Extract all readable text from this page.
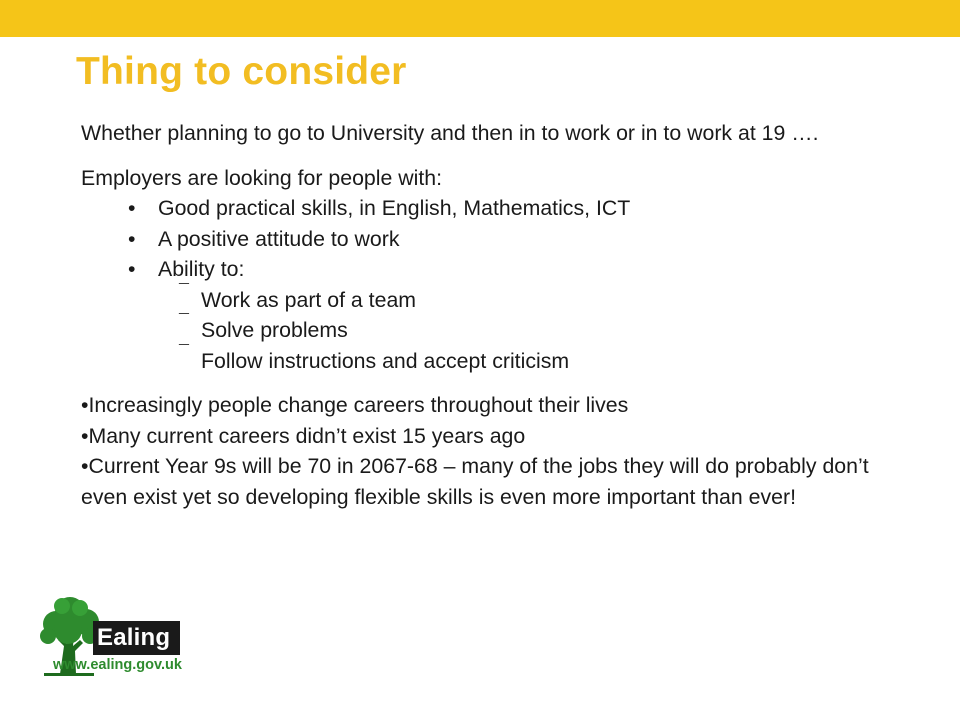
Thing to consider

Whether planning to go to University and then in to work or in to work at 19 ….

Employers are looking for people with:

• Good practical skills, in English, Mathematics, ICT
• A positive attitude to work
• Ability to:
¯ Work as part of a team
¯ Solve problems
¯ Follow instructions and accept criticism
•Increasingly people change careers throughout their lives
•Many current careers didn’t exist 15 years ago
•Current Year 9s will be 70 in 2067-68 – many of the jobs they will do probably don’t even exist yet so developing flexible skills is even more important than ever!
Ealing
www.ealing.gov.uk
